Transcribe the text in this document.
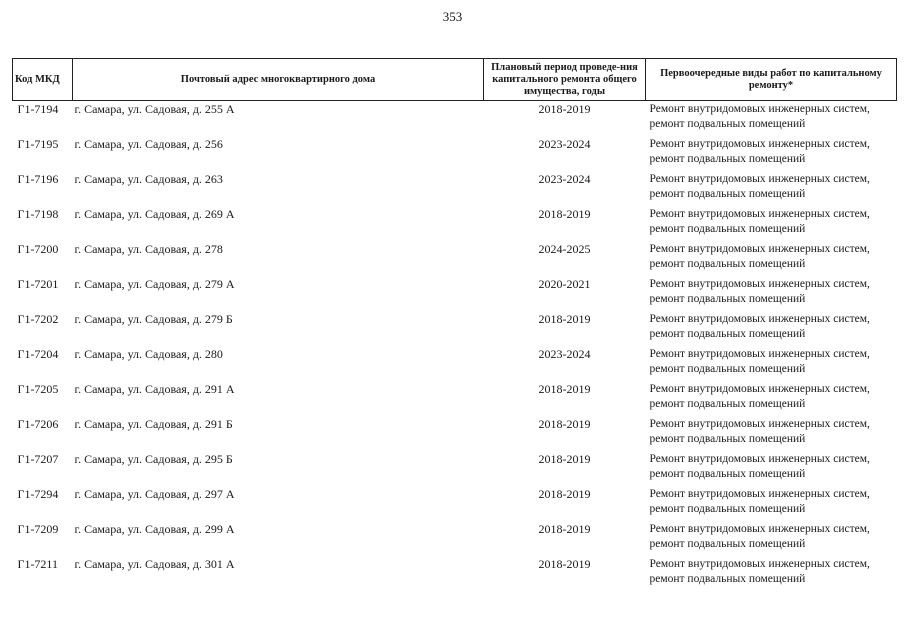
353
Код МКД	Почтовый адрес многоквартирного дома	Плановый период проведе-ния капитального ремонта общего имущества, годы	Первоочередные виды работ по капитальному ремонту*
Г1-7194	г. Самара, ул. Садовая, д. 255 А	2018-2019	Ремонт внутридомовых инженерных систем,
ремонт подвальных помещений

Г1-7195	г. Самара, ул. Садовая, д. 256	2023-2024	Ремонт внутридомовых инженерных систем,
ремонт подвальных помещений

Г1-7196	г. Самара, ул. Садовая, д. 263	2023-2024	Ремонт внутридомовых инженерных систем,
ремонт подвальных помещений

Г1-7198	г. Самара, ул. Садовая, д. 269 А	2018-2019	Ремонт внутридомовых инженерных систем,
ремонт подвальных помещений

Г1-7200	г. Самара, ул. Садовая, д. 278	2024-2025	Ремонт внутридомовых инженерных систем,
ремонт подвальных помещений

Г1-7201	г. Самара, ул. Садовая, д. 279 А	2020-2021	Ремонт внутридомовых инженерных систем,
ремонт подвальных помещений

Г1-7202	г. Самара, ул. Садовая, д. 279 Б	2018-2019	Ремонт внутридомовых инженерных систем,
ремонт подвальных помещений

Г1-7204	г. Самара, ул. Садовая, д. 280	2023-2024	Ремонт внутридомовых инженерных систем,
ремонт подвальных помещений

Г1-7205	г. Самара, ул. Садовая, д. 291 А	2018-2019	Ремонт внутридомовых инженерных систем,
ремонт подвальных помещений

Г1-7206	г. Самара, ул. Садовая, д. 291 Б	2018-2019	Ремонт внутридомовых инженерных систем,
ремонт подвальных помещений

Г1-7207	г. Самара, ул. Садовая, д. 295 Б	2018-2019	Ремонт внутридомовых инженерных систем,
ремонт подвальных помещений

Г1-7294	г. Самара, ул. Садовая, д. 297 А	2018-2019	Ремонт внутридомовых инженерных систем,
ремонт подвальных помещений

Г1-7209	г. Самара, ул. Садовая, д. 299 А	2018-2019	Ремонт внутридомовых инженерных систем,
ремонт подвальных помещений

Г1-7211	г. Самара, ул. Садовая, д. 301 А	2018-2019	Ремонт внутридомовых инженерных систем,
ремонт подвальных помещений
